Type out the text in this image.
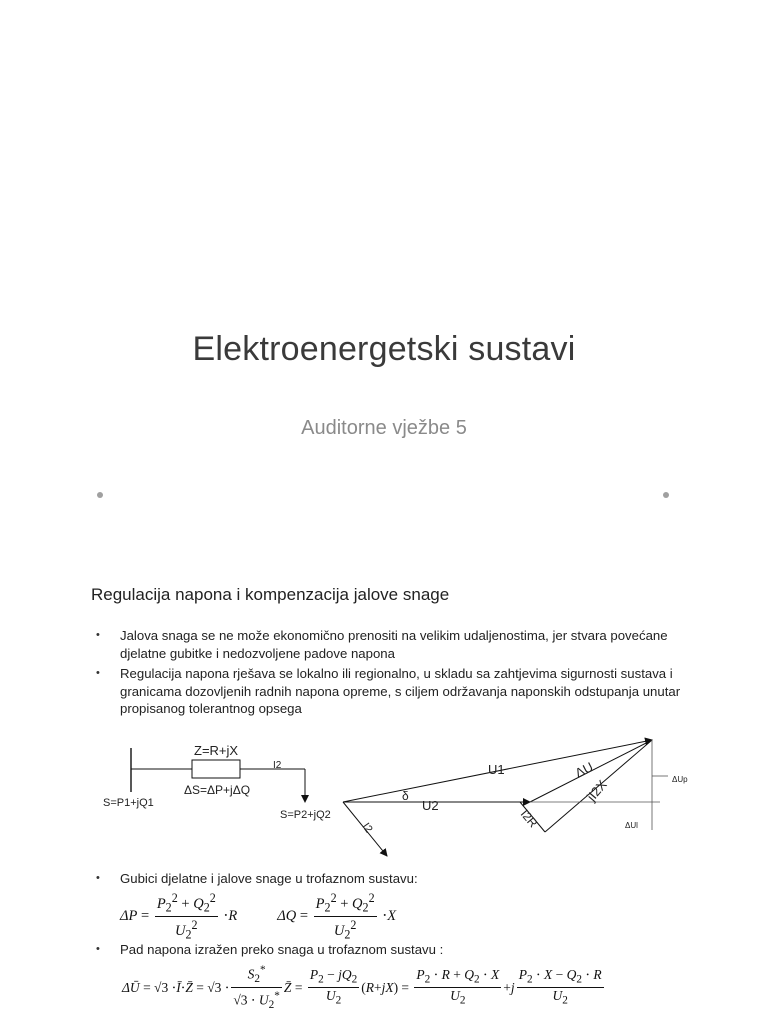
Elektroenergetski sustavi
Auditorne vježbe 5
Regulacija napona i kompenzacija jalove snage
• Jalova snaga se ne može ekonomično prenositi na velikim udaljenostima, jer stvara povećane djelatne gubitke i nedozvoljene padove napona
• Regulacija napona rješava se lokalno ili regionalno, u skladu sa zahtjevima sigurnosti sustava i granicama dozovljenih radnih napona opreme, s ciljem održavanja naponskih odstupanja unutar propisanog tolerantnog opsega
Z=R+jX
ΔS=ΔP+jΔQ
S=P1+jQ1
S=P2+jQ2
I2	U1
U2
δ
ΔU
jI2X
I2R
I2
ΔUp
ΔUl
• Gubici djelatne i jalove snage u trofaznom sustavu:
$\Delta P = \frac{P_2^2 + Q_2^2}{U_2^2} \cdot R$	$\Delta Q = \frac{P_2^2 + Q_2^2}{U_2^2} \cdot X$
• Pad napona izražen preko snaga u trofaznom sustavu :
ΔŪ = √3 ⋅ Ī ⋅ Z̄ = $√3 \cdot \frac{S_2^*}{√3 \cdot U_2^*}$ Z̄ = $\frac{P_2 - jQ_2}{U_2}$ ( R + jX ) = $\frac{P_2 \cdot R + Q_2 \cdot X}{U_2} + j \frac{P_2 \cdot X - Q_2 \cdot R}{U_2}$
